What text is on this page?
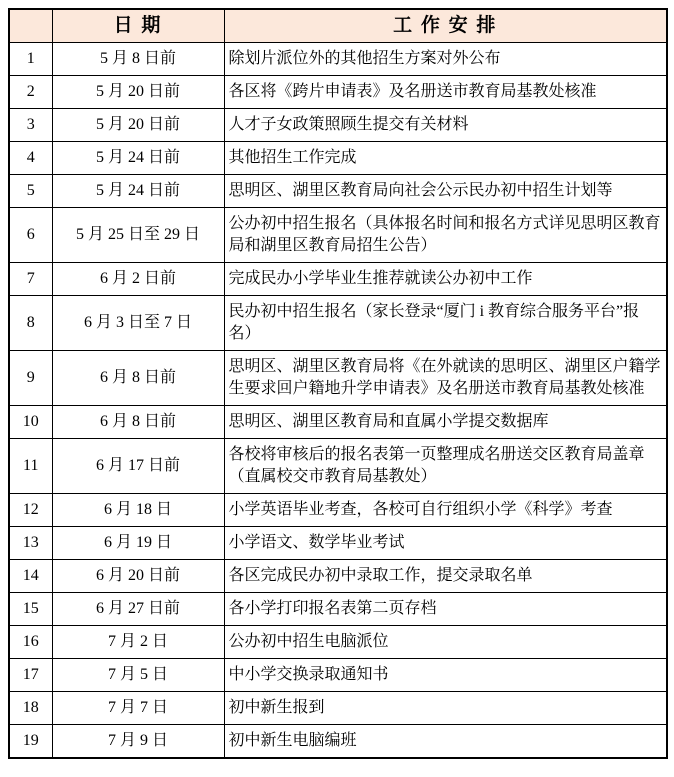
	日 期	工 作 安 排
1	5 月 8 日前	除划片派位外的其他招生方案对外公布
2	5 月 20 日前	各区将《跨片申请表》及名册送市教育局基教处核准
3	5 月 20 日前	人才子女政策照顾生提交有关材料
4	5 月 24 日前	其他招生工作完成
5	5 月 24 日前	思明区、湖里区教育局向社会公示民办初中招生计划等
6	5 月 25 日至 29 日	公办初中招生报名（具体报名时间和报名方式详见思明区教育局和湖里区教育局招生公告）
7	6 月 2 日前	完成民办小学毕业生推荐就读公办初中工作
8	6 月 3 日至 7 日	民办初中招生报名（家长登录“厦门 i 教育综合服务平台”报名）
9	6 月 8 日前	思明区、湖里区教育局将《在外就读的思明区、湖里区户籍学生要求回户籍地升学申请表》及名册送市教育局基教处核准
10	6 月 8 日前	思明区、湖里区教育局和直属小学提交数据库
11	6 月 17 日前	各校将审核后的报名表第一页整理成名册送交区教育局盖章（直属校交市教育局基教处）
12	6 月 18 日	小学英语毕业考查，各校可自行组织小学《科学》考查
13	6 月 19 日	小学语文、数学毕业考试
14	6 月 20 日前	各区完成民办初中录取工作，提交录取名单
15	6 月 27 日前	各小学打印报名表第二页存档
16	7 月 2 日	公办初中招生电脑派位
17	7 月 5 日	中小学交换录取通知书
18	7 月 7 日	初中新生报到
19	7 月 9 日	初中新生电脑编班
